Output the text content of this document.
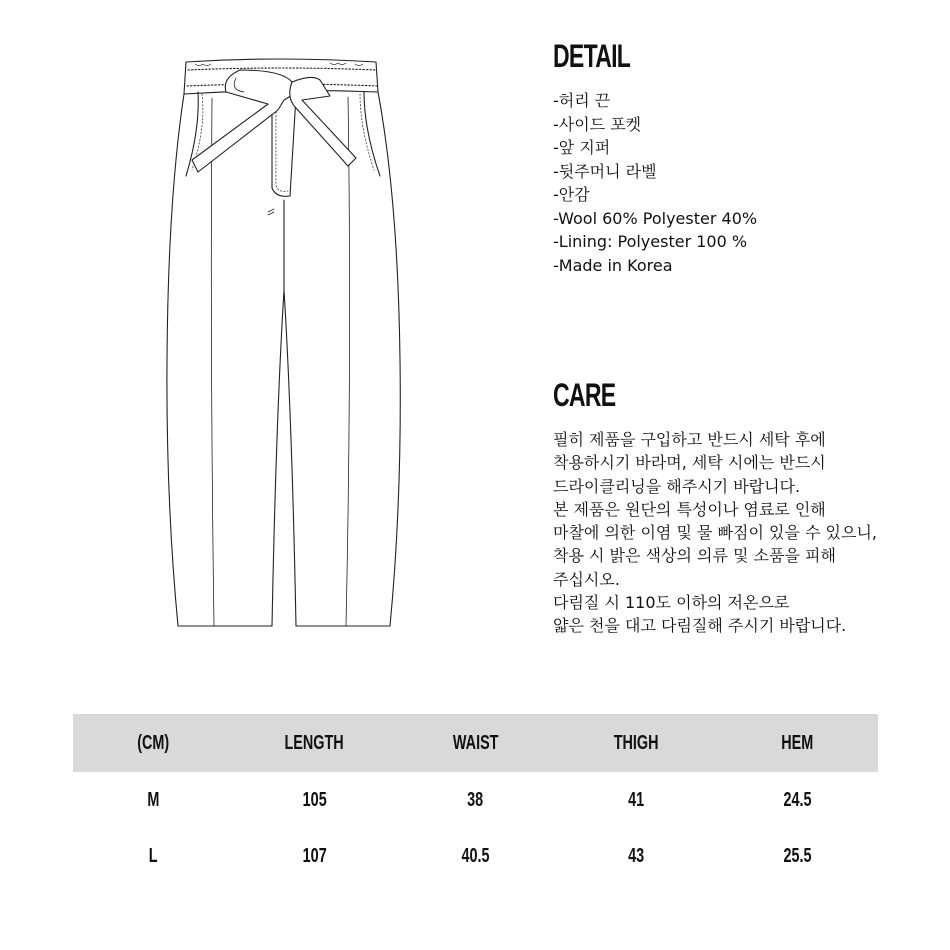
DETAIL
-허리 끈
-사이드 포켓
-앞 지퍼
-뒷주머니 라벨
-안감
-Wool 60% Polyester 40%
-Lining: Polyester 100 %
-Made in Korea
CARE
필히 제품을 구입하고 반드시 세탁 후에
착용하시기 바라며, 세탁 시에는 반드시
드라이클리닝을 해주시기 바랍니다.
본 제품은 원단의 특성이나 염료로 인해
마찰에 의한 이염 및 물 빠짐이 있을 수 있으니,
착용 시 밝은 색상의 의류 및 소품을 피해
주십시오.
다림질 시 110도 이하의 저온으로
얇은 천을 대고 다림질해 주시기 바랍니다.
(CM)	LENGTH	WAIST	THIGH	HEM
M	105	38	41	24.5
L	107	40.5	43	25.5
